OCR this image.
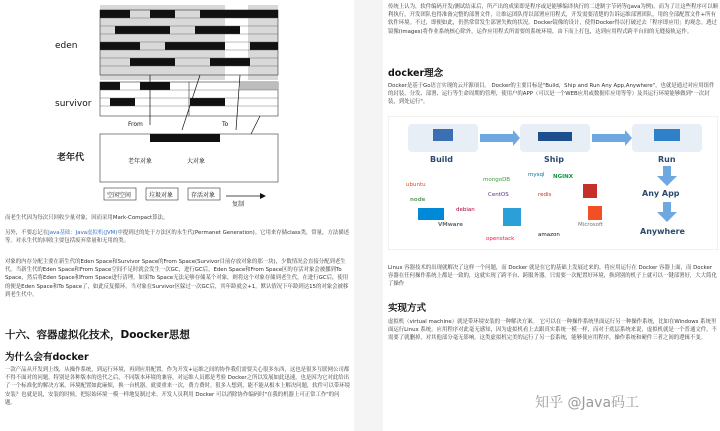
eden
survivor
老年代
From	To
老年对象	大对象
空闲空间	垃圾对象	存活对象
复制

而老生代因为每次只回收少量对象，因而采用Mark-Compact算法。

另外，不要忘记在Java基础：Java虚拟机(JVM)中提到过的处于方法区的永生代(Permanet Generation)。它用来存储class类，常量，方法描述等。对永生代的回收主要包括废弃常量和无用的类。

对象的内存分配主要在新生代的Eden Space和Survivor Space的From Space(Survivor目前存放对象的那一块)，少数情况会直接分配到老生代。当新生代的Eden Space和From Space空间不足时就会发生一次GC，进行GC后，Eden Space和From Space区的存活对象会被挪到To Space，然后将Eden Space和From Space进行清理。如果To Space无法足够存储某个对象，则将这个对象存储到老生代。在进行GC后，使用的便是Eden Space和To Space了，如此反复循环。当对象在Survivor区躲过一次GC后，其年龄就会+1。默认情况下年龄到达15的对象会被移到老生代中。

十六、容器虚拟化技术，Doocker思想
为什么会有docker

一款产品从开发到上线，从操作系统，到运行环境，再到应用配置。作为开发+运维之间的协作我们需要关心很多东西，这也是很多互联网公司都不得不面对的问题，特别是各种版本的迭代之后，不同版本环境的兼容，对运维人员都是考验 Docker之所以发展如此迅速，也是因为它对此给出了一个标准化的解决方案。环境配置如此麻烦，换一台机器，就要重来一次，费力费时。很多人想到，能不能从根本上解决问题，软件可以带环境安装？也就是说，安装的时候，把原始环境一模一样地复制过来。开发人员利用 Docker 可以消除协作编码时"在我的机器上可正常工作"的问题。

传统上认为，软件编码开发/测试结束后，所产出的成果即是程序或是能够编译执行的二进制字节码等(java为例)。而为了让这些程序可以顺利执行，开发团队也得准备完整的部署文件，让维运团队得以部署应用程式，开发需要清楚的告诉运维部署团队，用的全部配置文件+所有软件环境。不过，即便如此，仍然常常发生部署失败的状况。Docker镜像的设计，使得Docker得以打破过去「程序即应用」的观念。透过镜像(images)将作业系统核心除外，运作应用程式所需要的系统环境，由下而上打包，达到应用程式跨平台间的无缝接轨运作。

docker理念

Docker是基于Go语言实现的云开源项目。 Docker的主要目标是"Build，Ship and Run Any App,Anywhere"，也就是通过对应用组件的封装、分发、部署、运行等生命周期的管理，使用户的APP（可以是一个WEB应用或数据库应用等等）及其运行环境能够做到"一次封装，到处运行"。

Build	Ship	Run
ubuntu
mongoDB
CentOS	redis
NGINX
node
mysql
debian
VMware
openstack
amazon
Microsoft
Any App
Anywhere

Linux 容器技术的出现就解决了这样一个问题，而 Docker 就是在它的基础上发展过来的。将应用运行在 Docker 容器上面，而 Docker 容器在任何操作系统上都是一致的，这就实现了跨平台、跨服务器。只需要一次配置好环境，换到别的机子上就可以一键部署好，大大简化了操作

实现方式

虚拟机（virtual machine）就是带环境安装的一种解决方案。 它可以在一种操作系统里面运行另一种操作系统，比如在Windows 系统里面运行Linux 系统。应用程序对此毫无感知，因为虚拟机看上去跟真实系统一模一样，而对于底层系统来说，虚拟机就是一个普通文件，不需要了就删掉，对其他部分毫无影响。这类虚拟机完美的运行了另一套系统，能够使应用程序，操作系统和硬件三者之间的逻辑不变。

知乎 @Java码工
